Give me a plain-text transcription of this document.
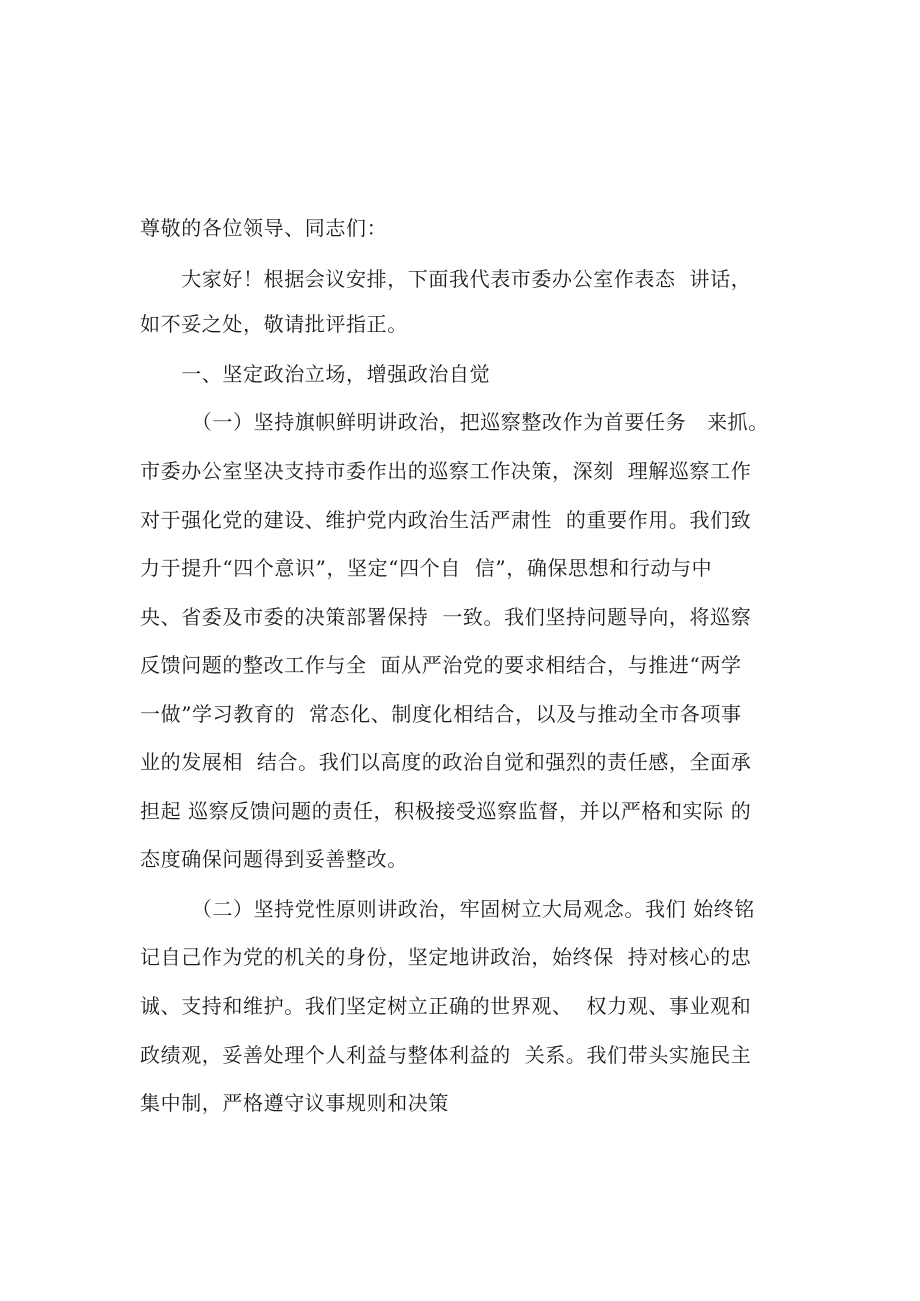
尊敬的各位领导、同志们：
　　大家好！根据会议安排，下面我代表市委办公室作表态  讲话，
如不妥之处，敬请批评指正。
　　一、坚定政治立场，增强政治自觉
　　　（一）坚持旗帜鲜明讲政治，把巡察整改作为首要任务   来抓。
市委办公室坚决支持市委作出的巡察工作决策，深刻  理解巡察工作
对于强化党的建设、维护党内政治生活严肃性  的重要作用。我们致
力于提升“四个意识”，坚定“四个自  信”，确保思想和行动与中
央、省委及市委的决策部署保持  一致。我们坚持问题导向，将巡察
反馈问题的整改工作与全  面从严治党的要求相结合，与推进“两学
一做”学习教育的  常态化、制度化相结合，以及与推动全市各项事
业的发展相  结合。我们以高度的政治自觉和强烈的责任感，全面承
担起 巡察反馈问题的责任，积极接受巡察监督，并以严格和实际 的
态度确保问题得到妥善整改。
　　　（二）坚持党性原则讲政治，牢固树立大局观念。我们 始终铭
记自己作为党的机关的身份，坚定地讲政治，始终保  持对核心的忠
诚、支持和维护。我们坚定树立正确的世界观、  权力观、事业观和
政绩观，妥善处理个人利益与整体利益的  关系。我们带头实施民主
集中制，严格遵守议事规则和决策
